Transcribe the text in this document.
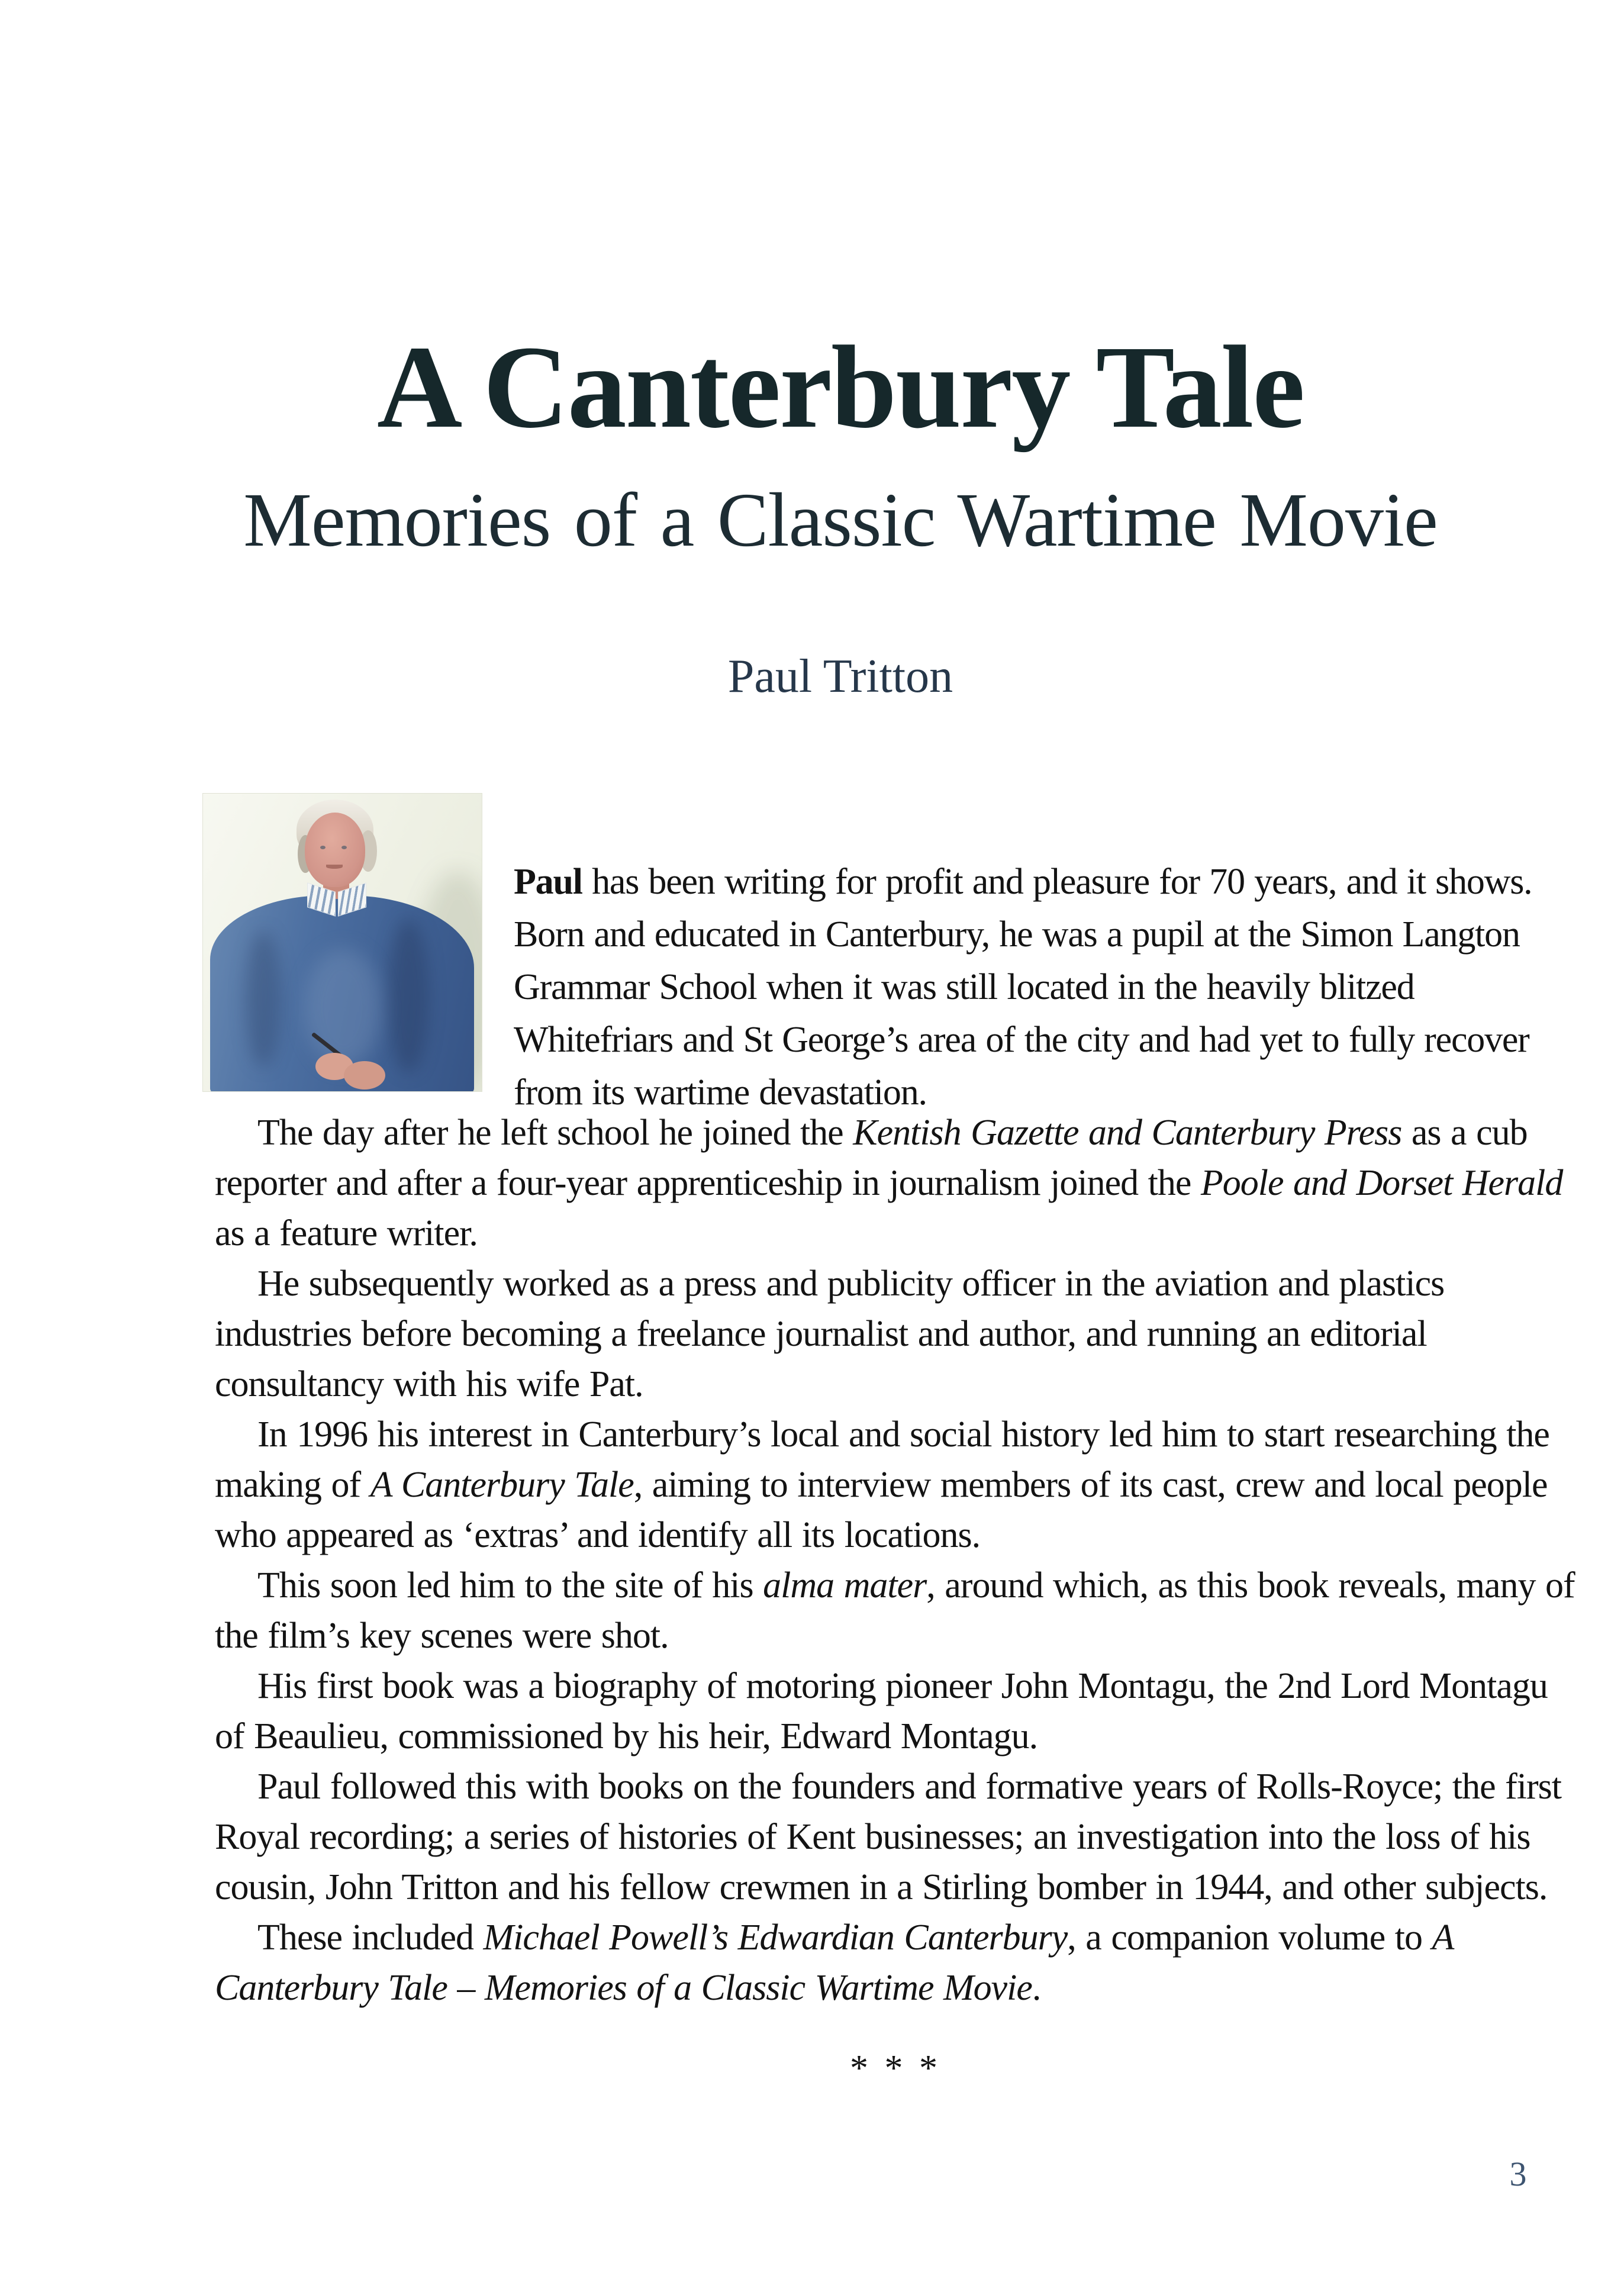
A Canterbury Tale
Memories of a Classic Wartime Movie
Paul Tritton
Paul has been writing for profit and pleasure for 70 years, and it shows. Born and educated in Canterbury, he was a pupil at the Simon Langton Grammar School when it was still located in the heavily blitzed Whitefriars and St George’s area of the city and had yet to fully recover from its wartime devastation.

The day after he left school he joined the Kentish Gazette and Canterbury Press as a cub reporter and after a four-year apprenticeship in journalism joined the Poole and Dorset Herald as a feature writer.

He subsequently worked as a press and publicity officer in the aviation and plastics industries before becoming a freelance journalist and author, and running an editorial consultancy with his wife Pat.

In 1996 his interest in Canterbury’s local and social history led him to start researching the making of A Canterbury Tale, aiming to interview members of its cast, crew and local people who appeared as ‘extras’ and identify all its locations.

This soon led him to the site of his alma mater, around which, as this book reveals, many of the film’s key scenes were shot.

His first book was a biography of motoring pioneer John Montagu, the 2nd Lord Montagu of Beaulieu, commissioned by his heir, Edward Montagu.

Paul followed this with books on the founders and formative years of Rolls-Royce; the first Royal recording; a series of histories of Kent businesses; an investigation into the loss of his cousin, John Tritton and his fellow crewmen in a Stirling bomber in 1944, and other subjects.

These included Michael Powell’s Edwardian Canterbury, a companion volume to A Canterbury Tale – Memories of a Classic Wartime Movie.

* * *
3
